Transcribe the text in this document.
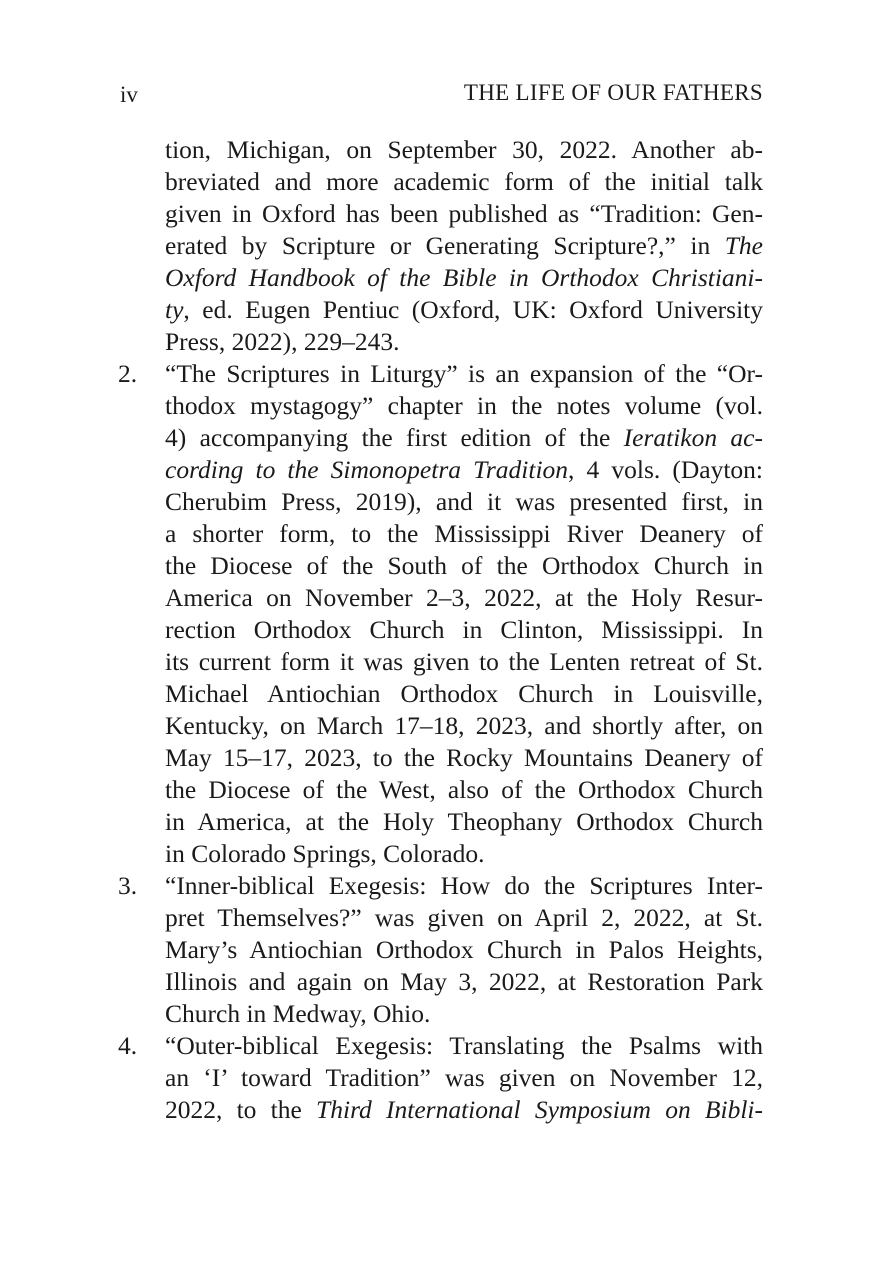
iv	THE LIFE OF OUR FATHERS
tion, Michigan, on September 30, 2022. Another ab-
breviated and more academic form of the initial talk
given in Oxford has been published as “Tradition: Gen-
erated by Scripture or Generating Scripture?,” in The
Oxford Handbook of the Bible in Orthodox Christiani-
ty, ed. Eugen Pentiuc (Oxford, UK: Oxford University
Press, 2022), 229–243.
2. “The Scriptures in Liturgy” is an expansion of the “Or-
thodox mystagogy” chapter in the notes volume (vol.
4) accompanying the first edition of the Ieratikon ac-
cording to the Simonopetra Tradition, 4 vols. (Dayton:
Cherubim Press, 2019), and it was presented first, in
a shorter form, to the Mississippi River Deanery of
the Diocese of the South of the Orthodox Church in
America on November 2–3, 2022, at the Holy Resur-
rection Orthodox Church in Clinton, Mississippi. In
its current form it was given to the Lenten retreat of St.
Michael Antiochian Orthodox Church in Louisville,
Kentucky, on March 17–18, 2023, and shortly after, on
May 15–17, 2023, to the Rocky Mountains Deanery of
the Diocese of the West, also of the Orthodox Church
in America, at the Holy Theophany Orthodox Church
in Colorado Springs, Colorado.
3. “Inner-biblical Exegesis: How do the Scriptures Inter-
pret Themselves?” was given on April 2, 2022, at St.
Mary’s Antiochian Orthodox Church in Palos Heights,
Illinois and again on May 3, 2022, at Restoration Park
Church in Medway, Ohio.
4. “Outer-biblical Exegesis: Translating the Psalms with
an ‘I’ toward Tradition” was given on November 12,
2022, to the Third International Symposium on Bibli-
